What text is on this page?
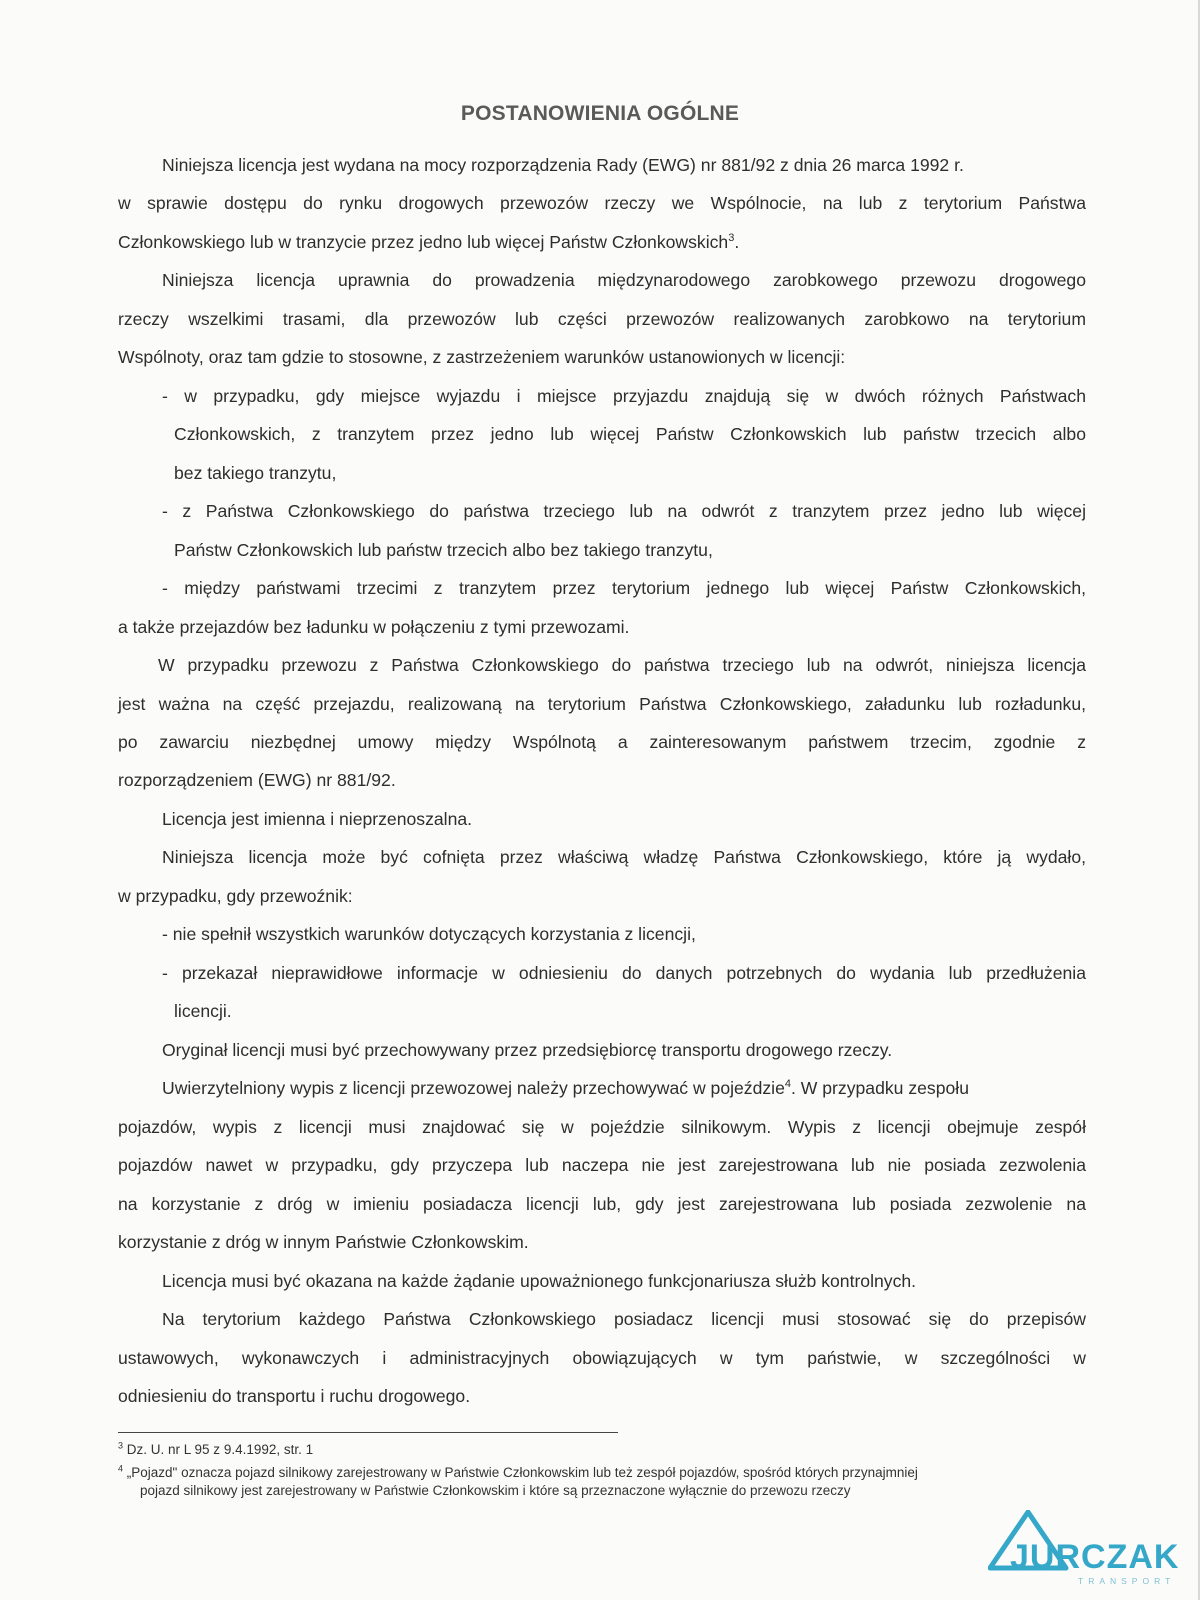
POSTANOWIENIA OGÓLNE
Niniejsza licencja jest wydana na mocy rozporządzenia Rady (EWG) nr 881/92 z dnia 26 marca 1992 r.
w sprawie dostępu do rynku drogowych przewozów rzeczy we Wspólnocie, na lub z terytorium Państwa
Członkowskiego lub w tranzycie przez jedno lub więcej Państw Członkowskich$^3$.
Niniejsza licencja uprawnia do prowadzenia międzynarodowego zarobkowego przewozu drogowego
rzeczy wszelkimi trasami, dla przewozów lub części przewozów realizowanych zarobkowo na terytorium
Wspólnoty, oraz tam gdzie to stosowne, z zastrzeżeniem warunków ustanowionych w licencji:
- w przypadku, gdy miejsce wyjazdu i miejsce przyjazdu znajdują się w dwóch różnych Państwach
Członkowskich, z tranzytem przez jedno lub więcej Państw Członkowskich lub państw trzecich albo
bez takiego tranzytu,
- z Państwa Członkowskiego do państwa trzeciego lub na odwrót z tranzytem przez jedno lub więcej
Państw Członkowskich lub państw trzecich albo bez takiego tranzytu,
- między państwami trzecimi z tranzytem przez terytorium jednego lub więcej Państw Członkowskich,
a także przejazdów bez ładunku w połączeniu z tymi przewozami.
W przypadku przewozu z Państwa Członkowskiego do państwa trzeciego lub na odwrót, niniejsza licencja
jest ważna na część przejazdu, realizowaną na terytorium Państwa Członkowskiego, załadunku lub rozładunku,
po zawarciu niezbędnej umowy między Wspólnotą a zainteresowanym państwem trzecim, zgodnie z
rozporządzeniem (EWG) nr 881/92.
Licencja jest imienna i nieprzenoszalna.
Niniejsza licencja może być cofnięta przez właściwą władzę Państwa Członkowskiego, które ją wydało,
w przypadku, gdy przewoźnik:
- nie spełnił wszystkich warunków dotyczących korzystania z licencji,
- przekazał nieprawidłowe informacje w odniesieniu do danych potrzebnych do wydania lub przedłużenia
licencji.
Oryginał licencji musi być przechowywany przez przedsiębiorcę transportu drogowego rzeczy.
Uwierzytelniony wypis z licencji przewozowej należy przechowywać w pojeździe$^4$. W przypadku zespołu
pojazdów, wypis z licencji musi znajdować się w pojeździe silnikowym. Wypis z licencji obejmuje zespół
pojazdów nawet w przypadku, gdy przyczepa lub naczepa nie jest zarejestrowana lub nie posiada zezwolenia
na korzystanie z dróg w imieniu posiadacza licencji lub, gdy jest zarejestrowana lub posiada zezwolenie na
korzystanie z dróg w innym Państwie Członkowskim.
Licencja musi być okazana na każde żądanie upoważnionego funkcjonariusza służb kontrolnych.
Na terytorium każdego Państwa Członkowskiego posiadacz licencji musi stosować się do przepisów
ustawowych, wykonawczych i administracyjnych obowiązujących w tym państwie, w szczególności w
odniesieniu do transportu i ruchu drogowego.
$^3$ Dz. U. nr L 95 z 9.4.1992, str. 1
$^4$ „Pojazd" oznacza pojazd silnikowy zarejestrowany w Państwie Członkowskim lub też zespół pojazdów, spośród których przynajmniej
pojazd silnikowy jest zarejestrowany w Państwie Członkowskim i które są przeznaczone wyłącznie do przewozu rzeczy
JURCZAK
TRANSPORT
